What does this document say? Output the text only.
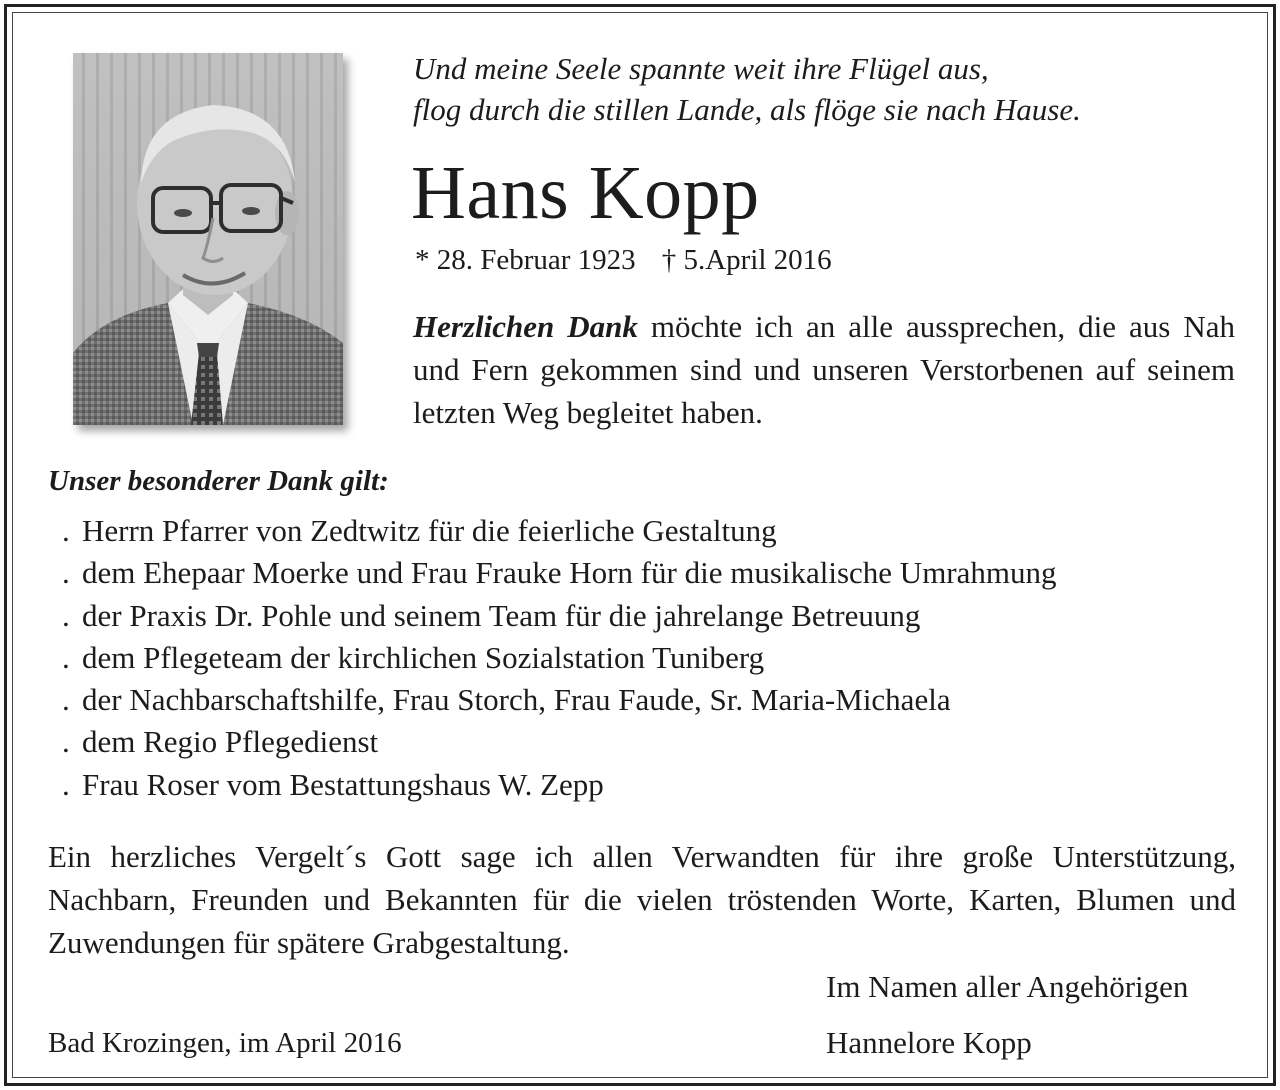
Und meine Seele spannte weit ihre Flügel aus,
flog durch die stillen Lande, als flöge sie nach Hause.
Hans Kopp
* 28. Februar 1923 † 5.April 2016
Herzlichen Dank möchte ich an alle aussprechen, die aus Nah und Fern gekommen sind und unseren Verstorbenen auf seinem letzten Weg begleitet haben.
Unser besonderer Dank gilt:
. Herrn Pfarrer von Zedtwitz für die feierliche Gestaltung
. dem Ehepaar Moerke und Frau Frauke Horn für die musikalische Umrahmung
. der Praxis Dr. Pohle und seinem Team für die jahrelange Betreuung
. dem Pflegeteam der kirchlichen Sozialstation Tuniberg
. der Nachbarschaftshilfe, Frau Storch, Frau Faude, Sr. Maria-Michaela
. dem Regio Pflegedienst
. Frau Roser vom Bestattungshaus W. Zepp
Ein herzliches Vergelt´s Gott sage ich allen Verwandten für ihre große Unterstützung, Nachbarn, Freunden und Bekannten für die vielen tröstenden Worte, Karten, Blumen und Zuwendungen für spätere Grabgestaltung.
Im Namen aller Angehörigen
Bad Krozingen, im April 2016	Hannelore Kopp
